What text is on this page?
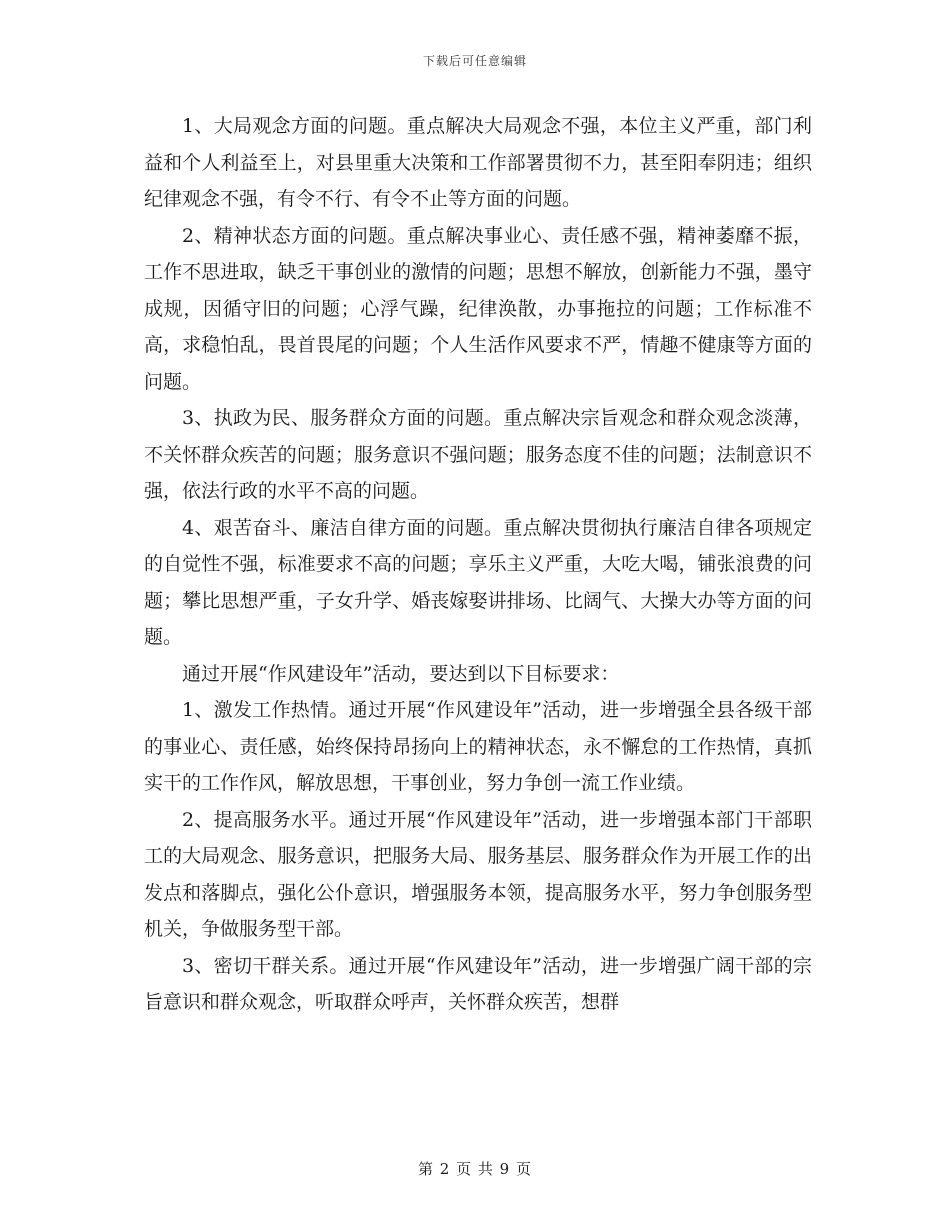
下载后可任意编辑

1、大局观念方面的问题。重点解决大局观念不强，本位主义严重，部门利益和个人利益至上，对县里重大决策和工作部署贯彻不力，甚至阳奉阴违；组织纪律观念不强，有令不行、有令不止等方面的问题。

2、精神状态方面的问题。重点解决事业心、责任感不强，精神萎靡不振，工作不思进取，缺乏干事创业的激情的问题；思想不解放，创新能力不强，墨守成规，因循守旧的问题；心浮气躁，纪律涣散，办事拖拉的问题；工作标准不高，求稳怕乱，畏首畏尾的问题；个人生活作风要求不严，情趣不健康等方面的问题。

3、执政为民、服务群众方面的问题。重点解决宗旨观念和群众观念淡薄，不关怀群众疾苦的问题；服务意识不强问题；服务态度不佳的问题；法制意识不强，依法行政的水平不高的问题。

4、艰苦奋斗、廉洁自律方面的问题。重点解决贯彻执行廉洁自律各项规定的自觉性不强，标准要求不高的问题；享乐主义严重，大吃大喝，铺张浪费的问题；攀比思想严重，子女升学、婚丧嫁娶讲排场、比阔气、大操大办等方面的问题。

通过开展“作风建设年”活动，要达到以下目标要求：

1、激发工作热情。通过开展“作风建设年”活动，进一步增强全县各级干部的事业心、责任感，始终保持昂扬向上的精神状态，永不懈怠的工作热情，真抓实干的工作作风，解放思想，干事创业，努力争创一流工作业绩。

2、提高服务水平。通过开展“作风建设年”活动，进一步增强本部门干部职工的大局观念、服务意识，把服务大局、服务基层、服务群众作为开展工作的出发点和落脚点，强化公仆意识，增强服务本领，提高服务水平，努力争创服务型机关，争做服务型干部。

3、密切干群关系。通过开展“作风建设年”活动，进一步增强广阔干部的宗旨意识和群众观念，听取群众呼声，关怀群众疾苦，想群

第 2 页 共 9 页
